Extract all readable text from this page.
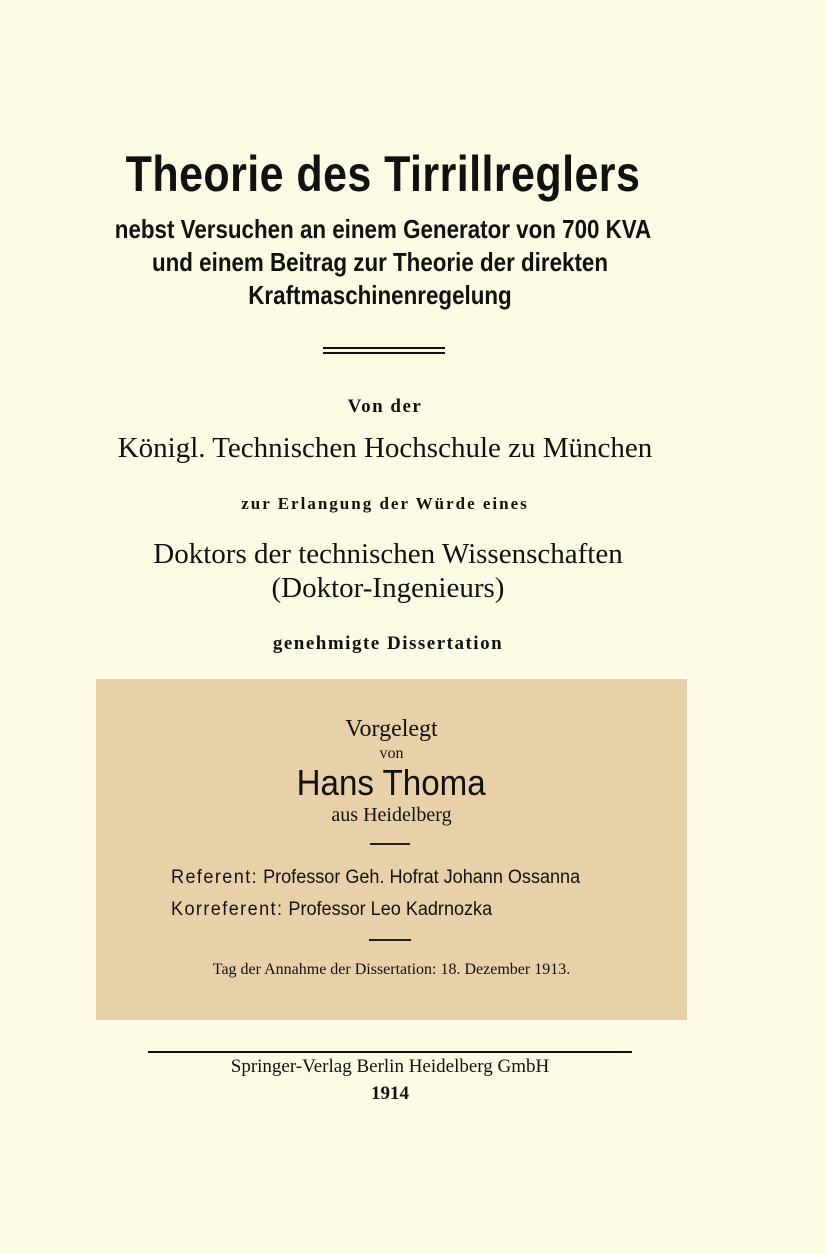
Theorie des Tirrillreglers
nebst Versuchen an einem Generator von 700 KVA
und einem Beitrag zur Theorie der direkten
Kraftmaschinenregelung
Von der
Königl. Technischen Hochschule zu München
zur Erlangung der Würde eines
Doktors der technischen Wissenschaften
(Doktor-Ingenieurs)
genehmigte Dissertation
Vorgelegt
von
Hans Thoma
aus Heidelberg
Referent: Professor Geh. Hofrat Johann Ossanna
Korreferent: Professor Leo Kadrnozka
Tag der Annahme der Dissertation: 18. Dezember 1913.
Springer-Verlag Berlin Heidelberg GmbH
1914
